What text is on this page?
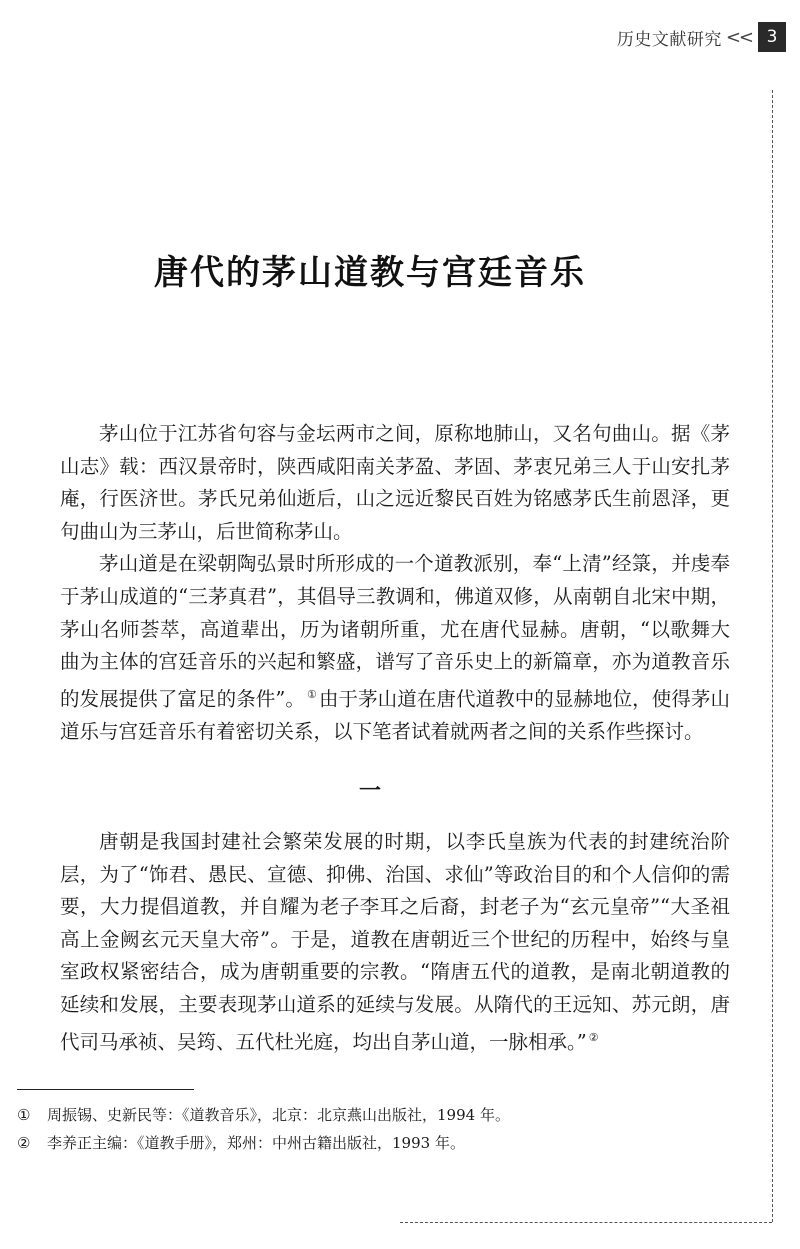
历史文献研究 << 3
唐代的茅山道教与宫廷音乐

茅山位于江苏省句容与金坛两市之间，原称地肺山，又名句曲山。据《茅山志》载：西汉景帝时，陕西咸阳南关茅盈、茅固、茅衷兄弟三人于山安扎茅庵，行医济世。茅氏兄弟仙逝后，山之远近黎民百姓为铭感茅氏生前恩泽，更句曲山为三茅山，后世简称茅山。

茅山道是在梁朝陶弘景时所形成的一个道教派别，奉“上清”经箓，并虔奉于茅山成道的“三茅真君”，其倡导三教调和，佛道双修，从南朝自北宋中期，茅山名师荟萃，高道辈出，历为诸朝所重，尤在唐代显赫。唐朝，“以歌舞大曲为主体的宫廷音乐的兴起和繁盛，谱写了音乐史上的新篇章，亦为道教音乐的发展提供了富足的条件”。 ① 由于茅山道在唐代道教中的显赫地位，使得茅山道乐与宫廷音乐有着密切关系，以下笔者试着就两者之间的关系作些探讨。

一

唐朝是我国封建社会繁荣发展的时期，以李氏皇族为代表的封建统治阶层，为了“饰君、愚民、宣德、抑佛、治国、求仙”等政治目的和个人信仰的需要，大力提倡道教，并自耀为老子李耳之后裔，封老子为“玄元皇帝”“大圣祖高上金阙玄元天皇大帝”。于是，道教在唐朝近三个世纪的历程中，始终与皇室政权紧密结合，成为唐朝重要的宗教。“隋唐五代的道教，是南北朝道教的延续和发展，主要表现茅山道系的延续与发展。从隋代的王远知、苏元朗，唐代司马承祯、吴筠、五代杜光庭，均出自茅山道，一脉相承。” ②

①	周振锡、史新民等：《道教音乐》，北京：北京燕山出版社，1994 年。
②	李养正主编：《道教手册》，郑州：中州古籍出版社，1993 年。
